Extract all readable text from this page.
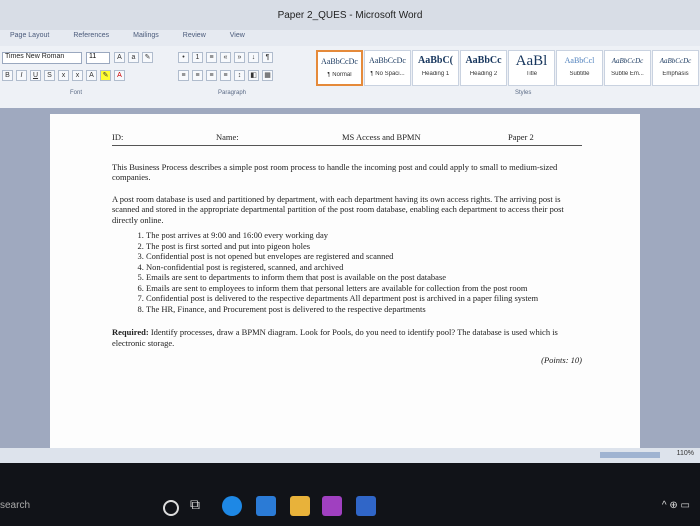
Paper 2_QUES - Microsoft Word
Page Layout	References	Mailings	Review	View
Times New Roman	11	A	a	✎
B	I	U	S	x	x	A	✎	A
•	1	≡	«	»	↓	¶
≡	≡	≡	≡	↕	◧	▦
AaBbCcDc
¶ Normal
AaBbCcDc
¶ No Spaci...
AaBbC(
Heading 1
AaBbCc
Heading 2
AaBl
Title
AaBbCcl
Subtitle
AaBbCcDc
Subtle Em...
AaBbCcDc
Emphasis
Font	Paragraph	Styles
ID:	Name:	MS Access and BPMN	Paper 2

This Business Process describes a simple post room process to handle the incoming post and could apply to small to medium-sized companies.

A post room database is used and partitioned by department, with each department having its own access rights. The arriving post is scanned and stored in the appropriate departmental partition of the post room database, enabling each department to access their post directly online.

1. The post arrives at 9:00 and 16:00 every working day
2. The post is first sorted and put into pigeon holes
3. Confidential post is not opened but envelopes are registered and scanned
4. Non-confidential post is registered, scanned, and archived
5. Emails are sent to departments to inform them that post is available on the post database
6. Emails are sent to employees to inform them that personal letters are available for collection from the post room
7. Confidential post is delivered to the respective departments All department post is archived in a paper filing system
8. The HR, Finance, and Procurement post is delivered to the respective departments

Required: Identify processes, draw a BPMN diagram. Look for Pools, do you need to identify pool? The database is used which is electronic storage.

(Points: 10)
110%
search	⧉	^ ⊕ ▭
